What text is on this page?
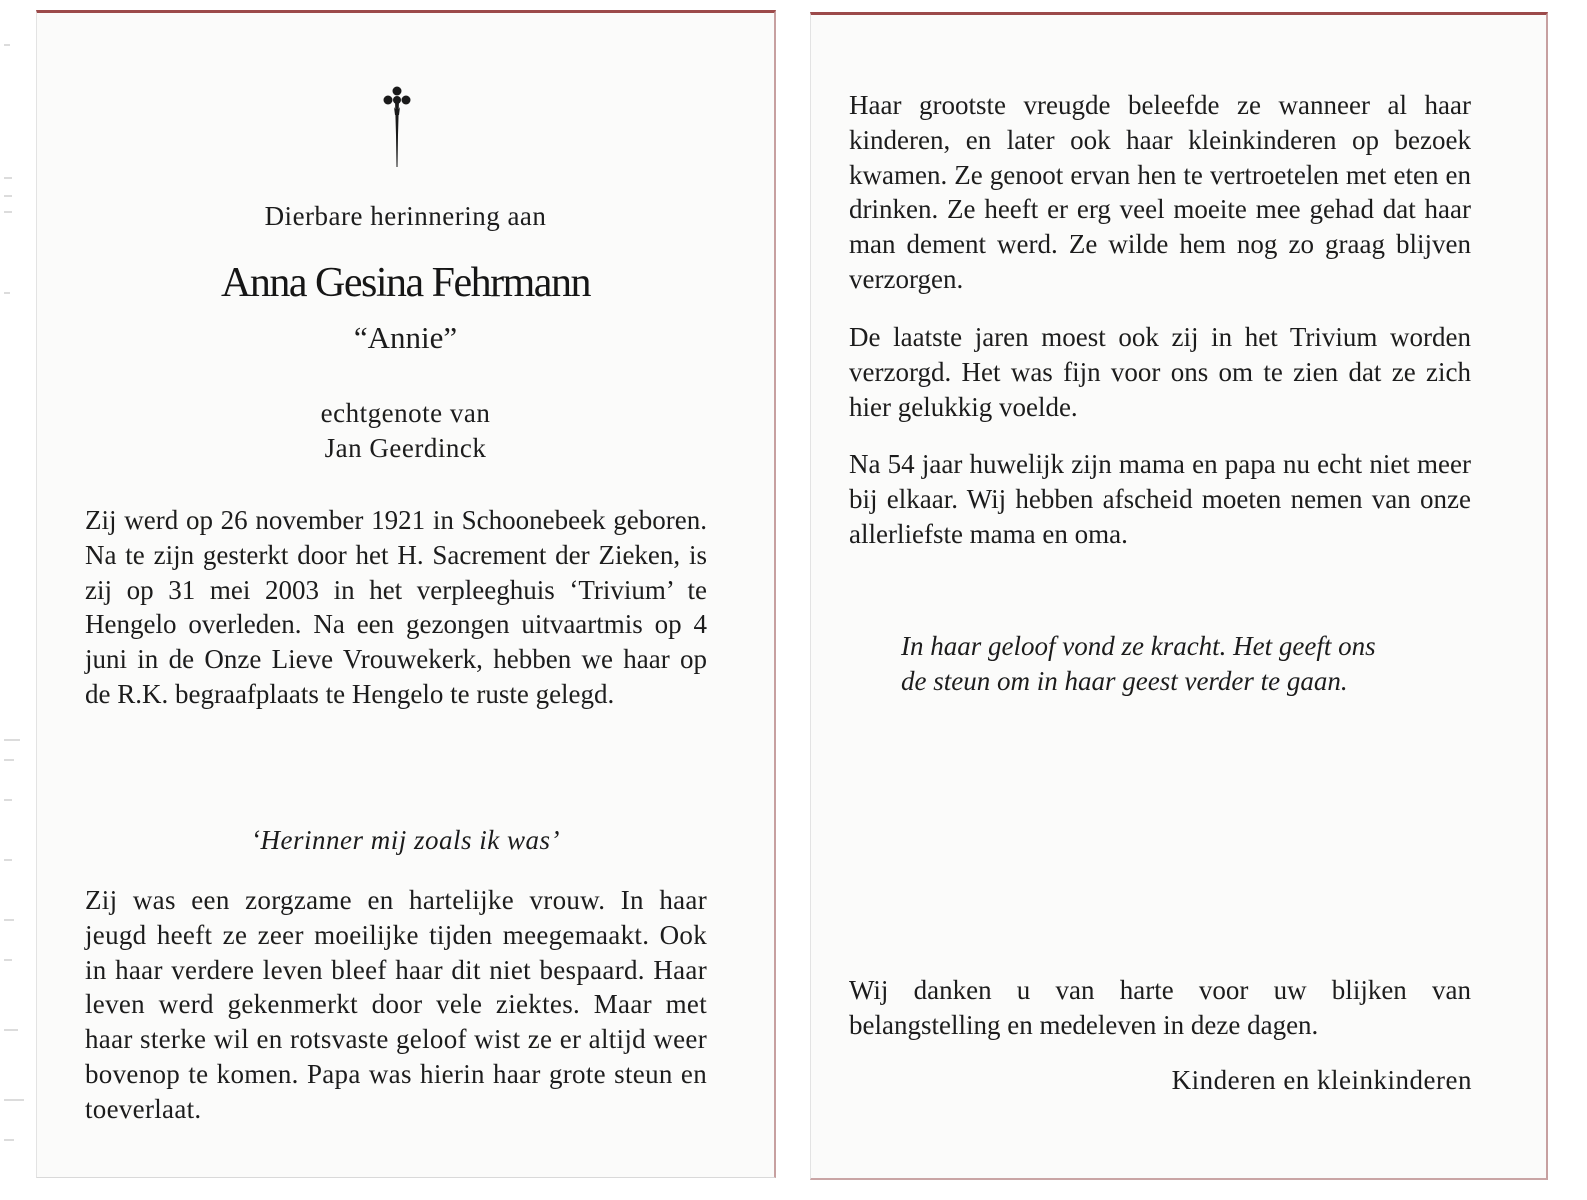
Dierbare herinnering aan
Anna Gesina Fehrmann
“Annie”
echtgenote van
Jan Geerdinck

Zij werd op 26 november 1921 in Schoonebeek geboren. Na te zijn gesterkt door het H. Sacrement der Zieken, is zij op 31 mei 2003 in het verpleeghuis ‘Trivium’ te Hengelo overleden. Na een gezongen uitvaartmis op 4 juni in de Onze Lieve Vrouwekerk, hebben we haar op de R.K. begraafplaats te Hengelo te ruste gelegd.

‘Herinner mij zoals ik was’

Zij was een zorgzame en hartelijke vrouw. In haar jeugd heeft ze zeer moeilijke tijden meegemaakt. Ook in haar verdere leven bleef haar dit niet bespaard. Haar leven werd gekenmerkt door vele ziektes. Maar met haar sterke wil en rotsvaste geloof wist ze er altijd weer bovenop te komen. Papa was hierin haar grote steun en toeverlaat.

Haar grootste vreugde beleefde ze wanneer al haar kinderen, en later ook haar kleinkinderen op bezoek kwamen. Ze genoot ervan hen te vertroetelen met eten en drinken. Ze heeft er erg veel moeite mee gehad dat haar man dement werd. Ze wilde hem nog zo graag blijven verzorgen.

De laatste jaren moest ook zij in het Trivium worden verzorgd. Het was fijn voor ons om te zien dat ze zich hier gelukkig voelde.

Na 54 jaar huwelijk zijn mama en papa nu echt niet meer bij elkaar. Wij hebben afscheid moeten nemen van onze allerliefste mama en oma.

In haar geloof vond ze kracht. Het geeft ons
de steun om in haar geest verder te gaan.

Wij danken u van harte voor uw blijken van belangstelling en medeleven in deze dagen.

Kinderen en kleinkinderen
